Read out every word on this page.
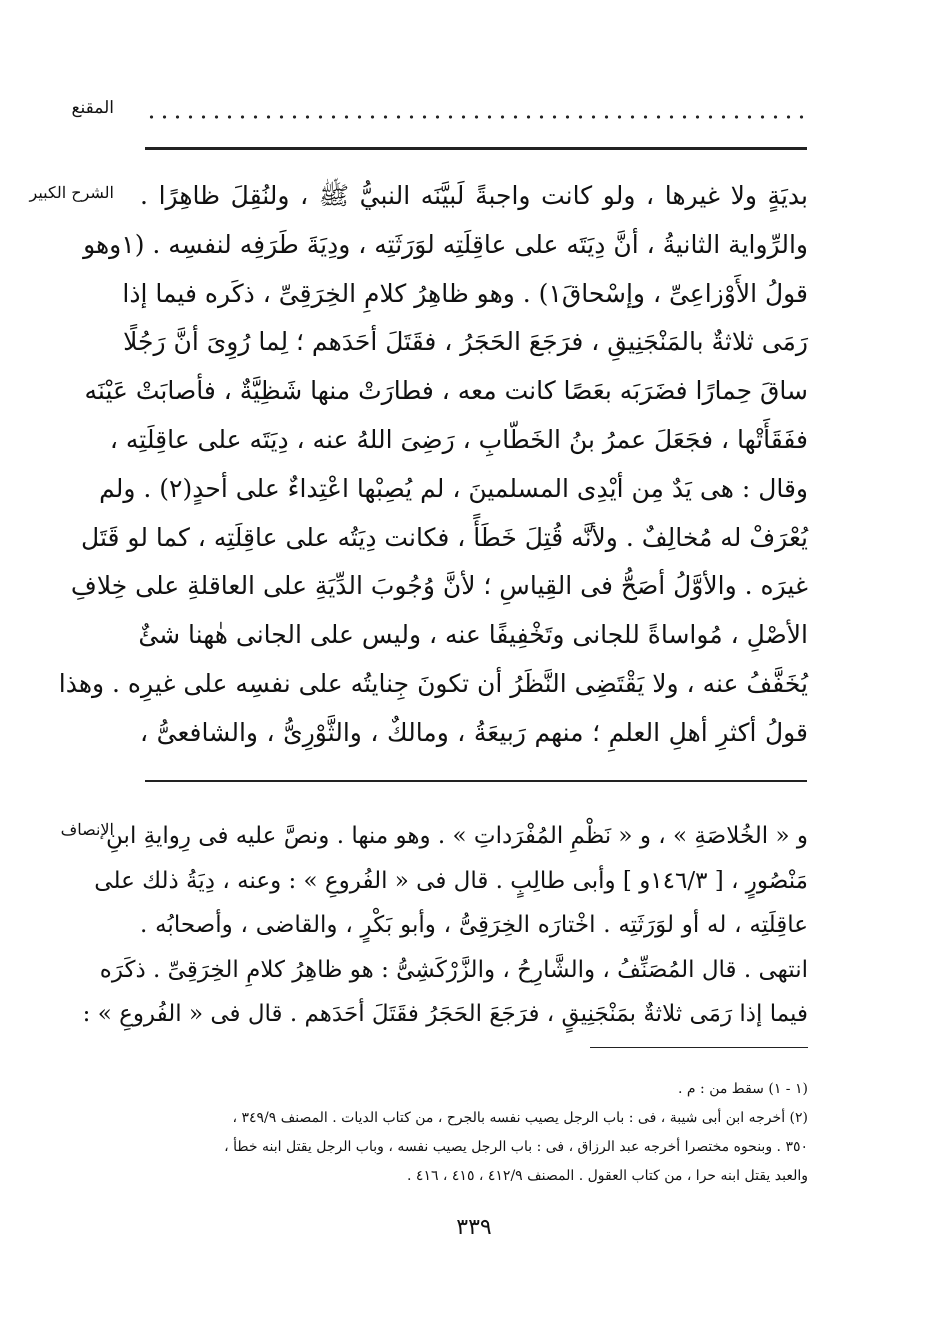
المقنع
الشرح الكبير بديَةٍ ولا غيرها ، ولو كانت واجبةً لَبيَّنَه النبيُّ ﷺ ، ولنُقِلَ ظاهِرًا .
والرِّواية الثانيةُ ، أنَّ دِيَتَه على عاقِلَتِه لوَرَثَتِه ، ودِيَةَ طَرَفِه لنفسِه . (١وهو
قولُ الأَوْزاعِىِّ ، وإسْحاقَ١) . وهو ظاهِرُ كلامِ الخِرَقِىِّ ، ذكَره فيما إذا
رَمَى ثلاثةٌ بالمَنْجَنِيقِ ، فرَجَعَ الحَجَرُ ، فقَتَلَ أحَدَهم ؛ لِما رُوِىَ أنَّ رَجُلًا
ساقَ حِمارًا فضَرَبَه بعَصًا كانت معه ، فطارَتْ منها شَظِيَّةٌ ، فأصابَتْ عَيْنَه
ففَقَأَتْها ، فجَعَلَ عمرُ بنُ الخَطّابِ ، رَضِىَ اللهُ عنه ، دِيَتَه على عاقِلَتِه ،
وقال : هى يَدٌ مِن أيْدِى المسلمينَ ، لم يُصِبْها اعْتِداءٌ على أحدٍ(٢) . ولم
يُعْرَفْ له مُخالِفٌ . ولأنَّه قُتِلَ خَطَأً ، فكانت دِيَتُه على عاقِلَتِه ، كما لو قَتَل
غيرَه . والأوَّلُ أصَحُّ فى القِياسِ ؛ لأنَّ وُجُوبَ الدِّيَةِ على العاقلةِ على خِلافِ
الأصْلِ ، مُواساةً للجانى وتَخْفِيفًا عنه ، وليس على الجانى هٰهنا شئٌ
يُخَفَّفُ عنه ، ولا يَقْتَضِى النَّظَرُ أن تكونَ جِنايتُه على نفسِه على غيرِه . وهذا
قولُ أكثرِ أهلِ العلمِ ؛ منهم رَبيعَةُ ، ومالكٌ ، والثَّوْرِىُّ ، والشافعىُّ ،
الإنصاف
و « الخُلاصَةِ » ، و « نَظْمِ المُفْرَداتِ » . وهو منها . ونصَّ عليه فى رِوايةِ ابنِ
مَنْصُورٍ ، [ ١٤٦/٣و ] وأبى طالِبٍ . قال فى « الفُروعِ » : وعنه ، دِيَةُ ذلك على
عاقِلَتِه ، له أو لوَرَثَتِه . اخْتارَه الخِرَقِىُّ ، وأبو بَكْرٍ ، والقاضى ، وأصحابُه .
انتهى . قال المُصَنِّفُ ، والشَّارِحُ ، والزَّرْكَشِىُّ : هو ظاهِرُ كلامِ الخِرَقِىِّ . ذكَرَه
فيما إذا رَمَى ثلاثةٌ بمَنْجَنِيقٍ ، فرَجَعَ الحَجَرُ فقَتَلَ أحَدَهم . قال فى « الفُروعِ » :
(١ - ١) سقط من : م .
(٢) أخرجه ابن أبى شيبة ، فى : باب الرجل يصيب نفسه بالجرح ، من كتاب الديات . المصنف ٣٤٩/٩ ،
٣٥٠ . وبنحوه مختصرا أخرجه عبد الرزاق ، فى : باب الرجل يصيب نفسه ، وباب الرجل يقتل ابنه خطأ ،
والعبد يقتل ابنه حرا ، من كتاب العقول . المصنف ٤١٢/٩ ، ٤١٥ ، ٤١٦ .
٣٣٩
